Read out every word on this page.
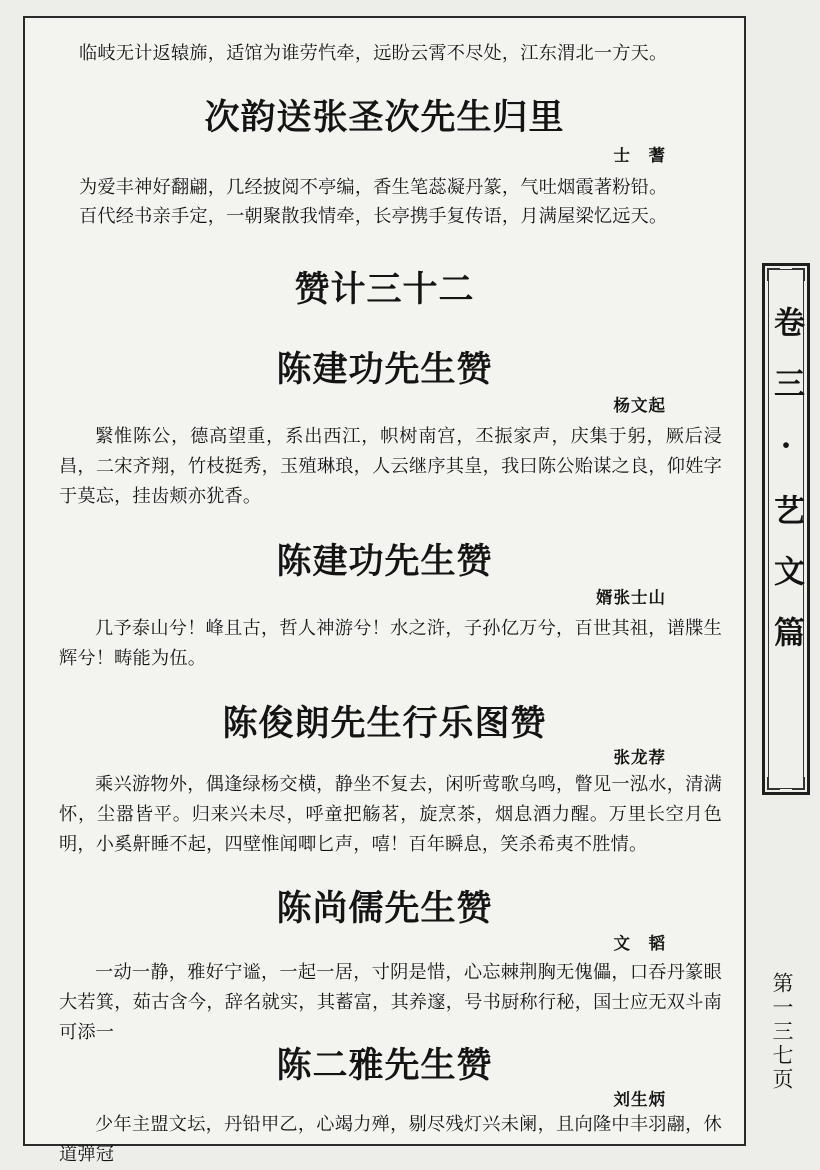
临岐无计返辕旆，适馆为谁劳忾牵，远盼云霄不尽处，江东渭北一方天。
次韵送张圣次先生归里
士　蓍
为爱丰神好翻翩，几经披阅不亭编，香生笔蕊凝丹篆，气吐烟霞著粉铅。
百代经书亲手定，一朝聚散我情牵，长亭携手复传语，月满屋梁忆远天。
赞计三十二
陈建功先生赞
杨文起
繄惟陈公，德高望重，系出西江，帜树南宫，丕振家声，庆集于躬，厥后浸昌，二宋齐翔，竹枝挺秀，玉殖琳琅，人云继序其皇，我曰陈公贻谋之良，仰姓字于莫忘，挂齿颊亦犹香。
陈建功先生赞
婿张士山
几予泰山兮！峰且古，哲人神游兮！水之浒，子孙亿万兮，百世其祖，谱牒生辉兮！畴能为伍。
陈俊朗先生行乐图赞
张龙荐
乘兴游物外，偶逢绿杨交横，静坐不复去，闲听莺歌乌鸣，瞥见一泓水，清满怀，尘嚣皆平。归来兴未尽，呼童把觞茗，旋烹茶，烟息酒力醒。万里长空月色明，小奚鼾睡不起，四壁惟闻唧匕声，嘻！百年瞬息，笑杀希夷不胜情。
陈尚儒先生赞
文　韬
一动一静，雅好宁谧，一起一居，寸阴是惜，心忘棘荆胸无傀儡，口吞丹篆眼大若箕，茹古含今，辞名就实，其蓄富，其养邃，号书厨称行秘，国士应无双斗南可添一
陈二雅先生赞
刘生炳
少年主盟文坛，丹铅甲乙，心竭力殚，剔尽残灯兴未阑，且向隆中丰羽翮，休道弹冠
卷三·艺文篇
第一三七页
